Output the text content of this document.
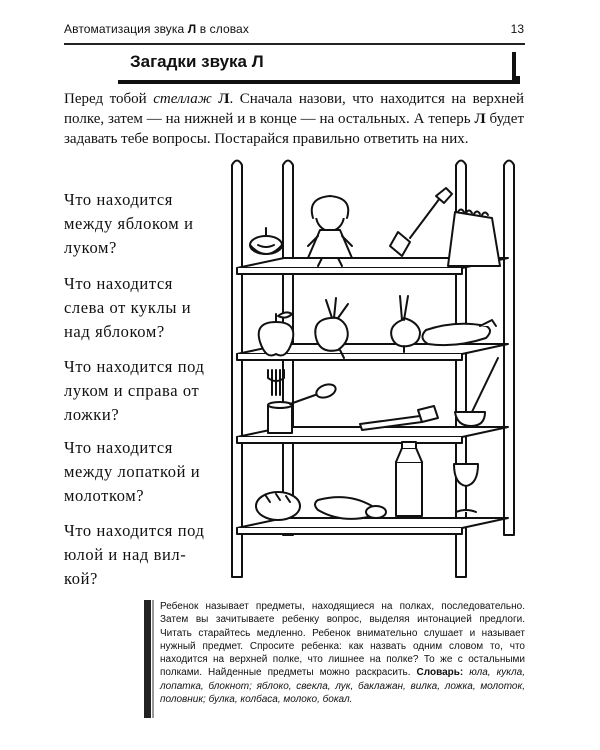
Автоматизация звука Л в словах	13
Загадки звука Л
Перед тобой стеллаж Л. Сначала назови, что находится на верхней полке, затем — на нижней и в конце — на остальных. А теперь Л будет задавать тебе вопросы. Постарайся правильно ответить на них.
Что находится
между яблоком и
луком?
Что находится
слева от куклы и
над яблоком?
Что находится под
луком и справа от
ложки?
Что находится
между лопаткой и
молотком?
Что находится под
юлой и над вил-
кой?
Ребенок называет предметы, находящиеся на полках, последовательно. Затем вы зачитываете ребенку вопрос, выделяя интонацией предлоги. Читать старайтесь медленно. Ребенок внимательно слушает и называет нужный предмет. Спросите ребенка: как назвать одним словом то, что находится на верхней полке, что лишнее на полке? То же с остальными полками. Найденные предметы можно раскрасить. Словарь: юла, кукла, лопатка, блокнот; яблоко, свекла, лук, баклажан, вилка, ложка, молоток, половник; булка, колбаса, молоко, бокал.
